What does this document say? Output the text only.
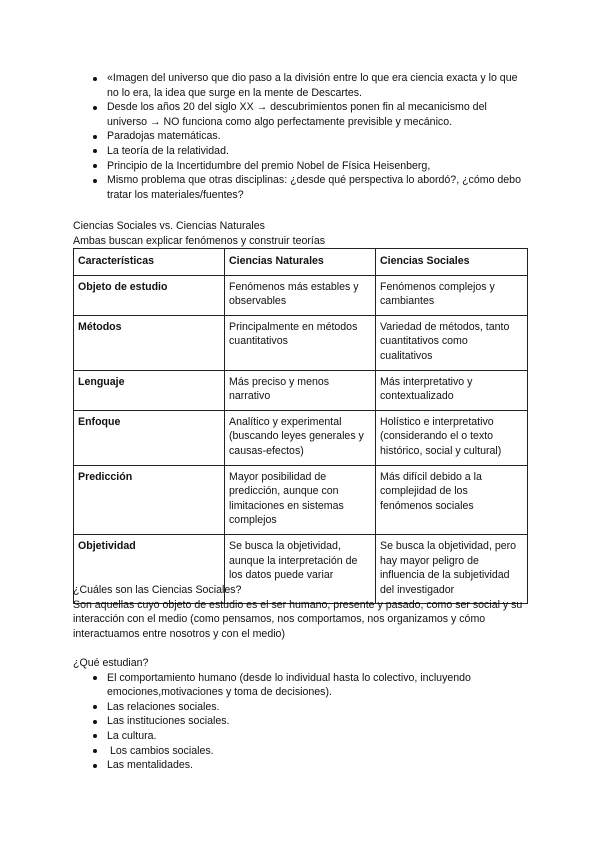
«Imagen del universo que dio paso a la división entre lo que era ciencia exacta y lo que no lo era, la idea que surge en la mente de Descartes.
Desde los años 20 del siglo XX → descubrimientos ponen fin al mecanicismo del universo → NO funciona como algo perfectamente previsible y mecánico.
Paradojas matemáticas.
La teoría de la relatividad.
Principio de la Incertidumbre del premio Nobel de Física Heisenberg,
Mismo problema que otras disciplinas: ¿desde qué perspectiva lo abordó?, ¿cómo debo tratar los materiales/fuentes?

Ciencias Sociales vs. Ciencias Naturales

Ambas buscan explicar fenómenos y construir teorías

Características	Ciencias Naturales	Ciencias Sociales
Objeto de estudio	Fenómenos más estables y observables	Fenómenos complejos y cambiantes
Métodos	Principalmente en métodos cuantitativos	Variedad de métodos, tanto cuantitativos como cualitativos
Lenguaje	Más preciso y menos narrativo	Más interpretativo y contextualizado
Enfoque	Analítico y experimental (buscando leyes generales y causas-efectos)	Holístico e interpretativo (considerando el o texto histórico, social y cultural)
Predicción	Mayor posibilidad de predicción, aunque con limitaciones en sistemas complejos	Más difícil debido a la complejidad de los fenómenos sociales
Objetividad	Se busca la objetividad, aunque la interpretación de los datos puede variar	Se busca la objetividad, pero hay mayor peligro de influencia de la subjetividad del investigador

¿Cuáles son las Ciencias Sociales?

Son aquellas cuyo objeto de estudio es el ser humano, presente y pasado, como ser social y su interacción con el medio (como pensamos, nos comportamos, nos organizamos y cómo interactuamos entre nosotros y con el medio)

¿Qué estudian?

El comportamiento humano (desde lo individual hasta lo colectivo, incluyendo emociones,motivaciones y toma de decisiones).
Las relaciones sociales.
Las instituciones sociales.
La cultura.
Los cambios sociales.
Las mentalidades.
